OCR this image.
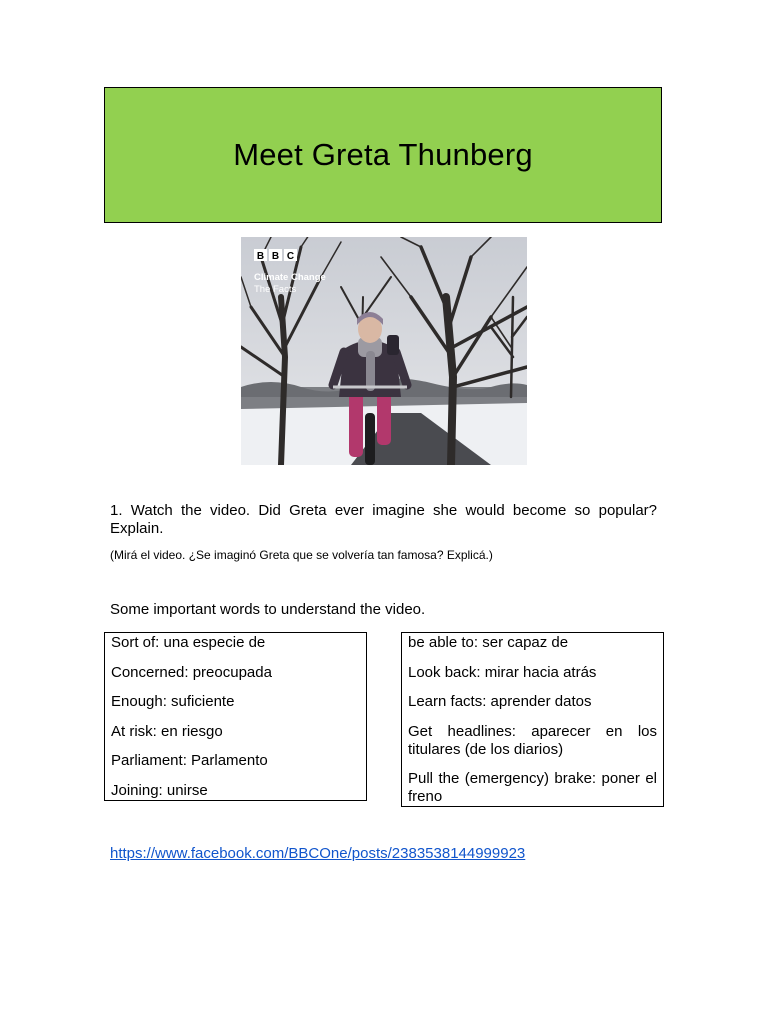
Meet Greta Thunberg
B B C
Climate Change
The Facts
1. Watch the video. Did Greta ever imagine she would become so popular? Explain.
(Mirá el video. ¿Se imaginó Greta que se volvería tan famosa? Explicá.)
Some important words to understand the video.
Sort of: una especie de
Concerned: preocupada
Enough: suficiente
At risk: en riesgo
Parliament: Parlamento
Joining: unirse
be able to: ser capaz de
Look back: mirar hacia atrás
Learn facts: aprender datos
Get headlines: aparecer en los titulares (de los diarios)
Pull the (emergency) brake: poner el freno
https://www.facebook.com/BBCOne/posts/2383538144999923
